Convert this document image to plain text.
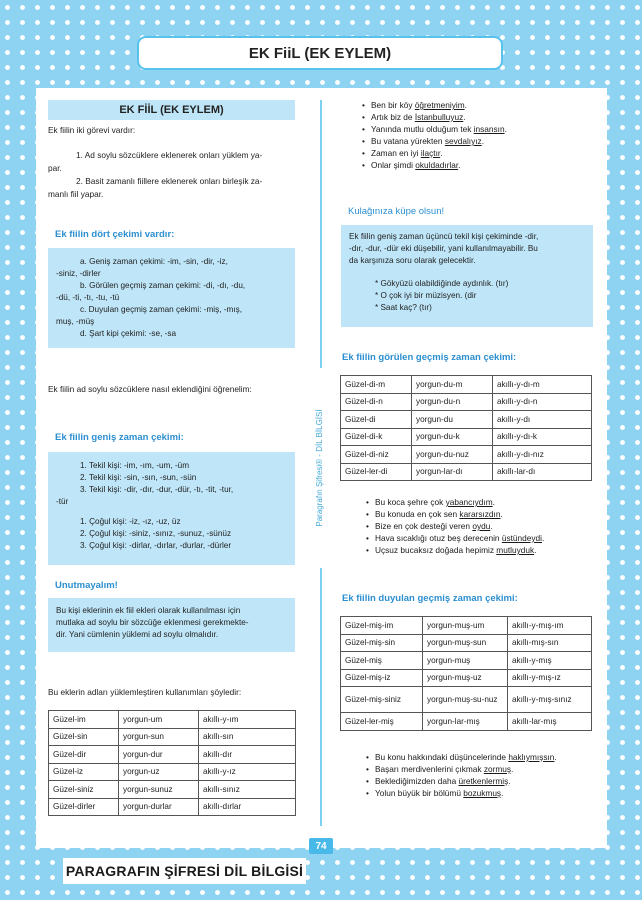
EK FiiL (EK EYLEM)
Paragrafın Şifresi® - DİL BİLGİSİ
EK FİİL (EK EYLEM)
Ek fiilin iki görevi vardır:
1. Ad soylu sözcüklere eklenerek onları yüklem ya-
par.
2. Basit zamanlı fiillere eklenerek onları birleşik za-
manlı fiil yapar.
Ek fiilin dört çekimi vardır:
a. Geniş zaman çekimi: -im, -sin, -dir, -iz,
-siniz, -dirler
b. Görülen geçmiş zaman çekimi: -di, -dı, -du,
-dü, -ti, -tı, -tu, -tü
c. Duyulan geçmiş zaman çekimi: -miş, -mış,
muş, -müş
d. Şart kipi çekimi: -se, -sa
Ek fiilin ad soylu sözcüklere nasıl eklendiğini öğrenelim:
Ek fiilin geniş zaman çekimi:
1. Tekil kişi: -im, -ım, -um, -üm
2. Tekil kişi: -sin, -sın, -sun, -sün
3. Tekil kişi: -dir, -dır, -dur, -dür, -tı, -tit, -tur,
-tür
1. Çoğul kişi: -iz, -ız, -uz, üz
2. Çoğul kişi: -siniz, -sınız, -sunuz, -sünüz
3. Çoğul kişi: -dirlar, -dırlar, -durlar, -dürler
Unutmayalım!
Bu kişi eklerinin ek fiil ekleri olarak kullanılması için
mutlaka ad soylu bir sözcüğe eklenmesi gerekmekte-
dir. Yani cümlenin yüklemi ad soylu olmalıdır.
Bu eklerin adları yüklemleştiren kullanımları şöyledir:
Güzel-im	yorgun-um	akıllı-y-ım
Güzel-sin	yorgun-sun	akıllı-sın
Güzel-dir	yorgun-dur	akıllı-dır
Güzel-iz	yorgun-uz	akıllı-y-ız
Güzel-siniz	yorgun-sunuz	akıllı-sınız
Güzel-dirler	yorgun-durlar	akıllı-dırlar
• Ben bir köy öğretmeniyim.
• Artık biz de İstanbulluyuz.
• Yanında mutlu olduğum tek insansın.
• Bu vatana yürekten sevdalıyız.
• Zaman en iyi ilaçtır.
• Onlar şimdi okuldadırlar.
Kulağınıza küpe olsun!
Ek fiilin geniş zaman üçüncü tekil kişi çekiminde -dir,
-dır, -dur, -dür eki düşebilir, yani kullanılmayabilir. Bu
da karşınıza soru olarak gelecektir.
* Gökyüzü olabildiğinde aydınlık. (tır)
* O çok iyi bir müzisyen. (dir
* Saat kaç? (tır)
Ek fiilin görülen geçmiş zaman çekimi:
Güzel-di-m	yorgun-du-m	akıllı-y-dı-m
Güzel-di-n	yorgun-du-n	akıllı-y-dı-n
Güzel-di	yorgun-du	akıllı-y-dı
Güzel-di-k	yorgun-du-k	akıllı-y-dı-k
Güzel-di-niz	yorgun-du-nuz	akıllı-y-dı-nız
Güzel-ler-di	yorgun-lar-dı	akıllı-lar-dı
• Bu koca şehre çok yabancıydım.
• Bu konuda en çok sen kararsızdın.
• Bize en çok desteği veren oydu.
• Hava sıcaklığı otuz beş derecenin üstündeydi.
• Uçsuz bucaksız doğada hepimiz mutluyduk.
Ek fiilin duyulan geçmiş zaman çekimi:
Güzel-miş-im	yorgun-muş-um	akıllı-y-mış-ım
Güzel-miş-sin	yorgun-muş-sun	akıllı-mış-sın
Güzel-miş	yorgun-muş	akıllı-y-mış
Güzel-miş-iz	yorgun-muş-uz	akıllı-y-mış-ız
Güzel-miş-siniz	yorgun-muş-su-nuz	akıllı-y-mış-sınız
Güzel-ler-miş	yorgun-lar-mış	akıllı-lar-mış
• Bu konu hakkındaki düşüncelerinde haklıymışsın.
• Başarı merdivenlerini çıkmak zormuş.
• Beklediğimizden daha üretkenlermiş.
• Yolun büyük bir bölümü bozukmuş.
74
PARAGRAFIN ŞİFRESİ DİL BİLGİSİ
